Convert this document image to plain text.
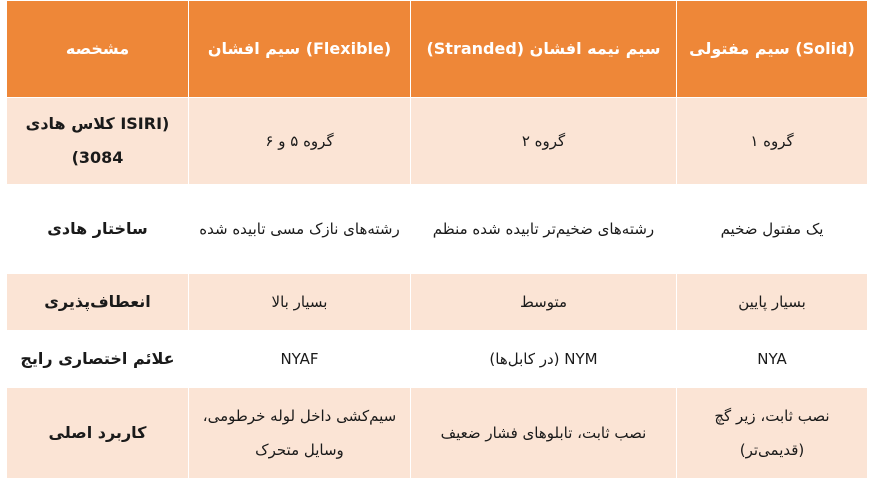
(Solid) سیم مفتولی	سیم نیمه افشان (Stranded)	(Flexible) سیم افشان	مشخصه
گروه ۱	گروه ۲	گروه ۵ و ۶	(ISIRI کلاس هادی 3084)
یک مفتول ضخیم	رشته‌های ضخیم‌تر تابیده شده منظم	رشته‌های نازک مسی تابیده شده	ساختار هادی
بسیار پایین	متوسط	بسیار بالا	انعطاف‌پذیری
NYA	NYM (در کابل‌ها)	NYAF	علائم اختصاری رایج
نصب ثابت، زیر گچ (قدیمی‌تر)	نصب ثابت، تابلوهای فشار ضعیف	سیم‌کشی داخل لوله خرطومی، وسایل متحرک	کاربرد اصلی
